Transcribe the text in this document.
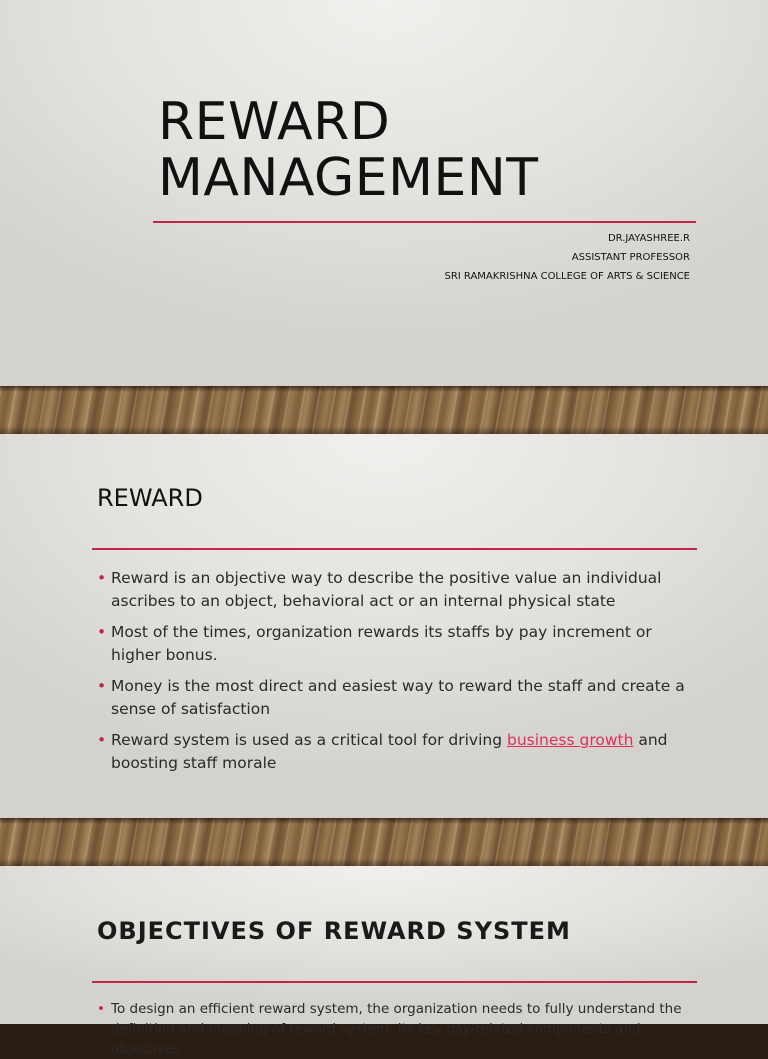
REWARD
MANAGEMENT
DR.JAYASHREE.R
ASSISTANT PROFESSOR
SRI RAMAKRISHNA COLLEGE OF ARTS & SCIENCE
REWARD
• Reward is an objective way to describe the positive value an individual ascribes to an object, behavioral act or an internal physical state
• Most of the times, organization rewards its staffs by pay increment or higher bonus.
• Money is the most direct and easiest way to reward the staff and create a sense of satisfaction
• Reward system is used as a critical tool for driving business growth and boosting staff morale
OBJECTIVES OF REWARD SYSTEM
• To design an efficient reward system, the organization needs to fully understand the definition and meaning of reward system, its key pay-related components and objectives
